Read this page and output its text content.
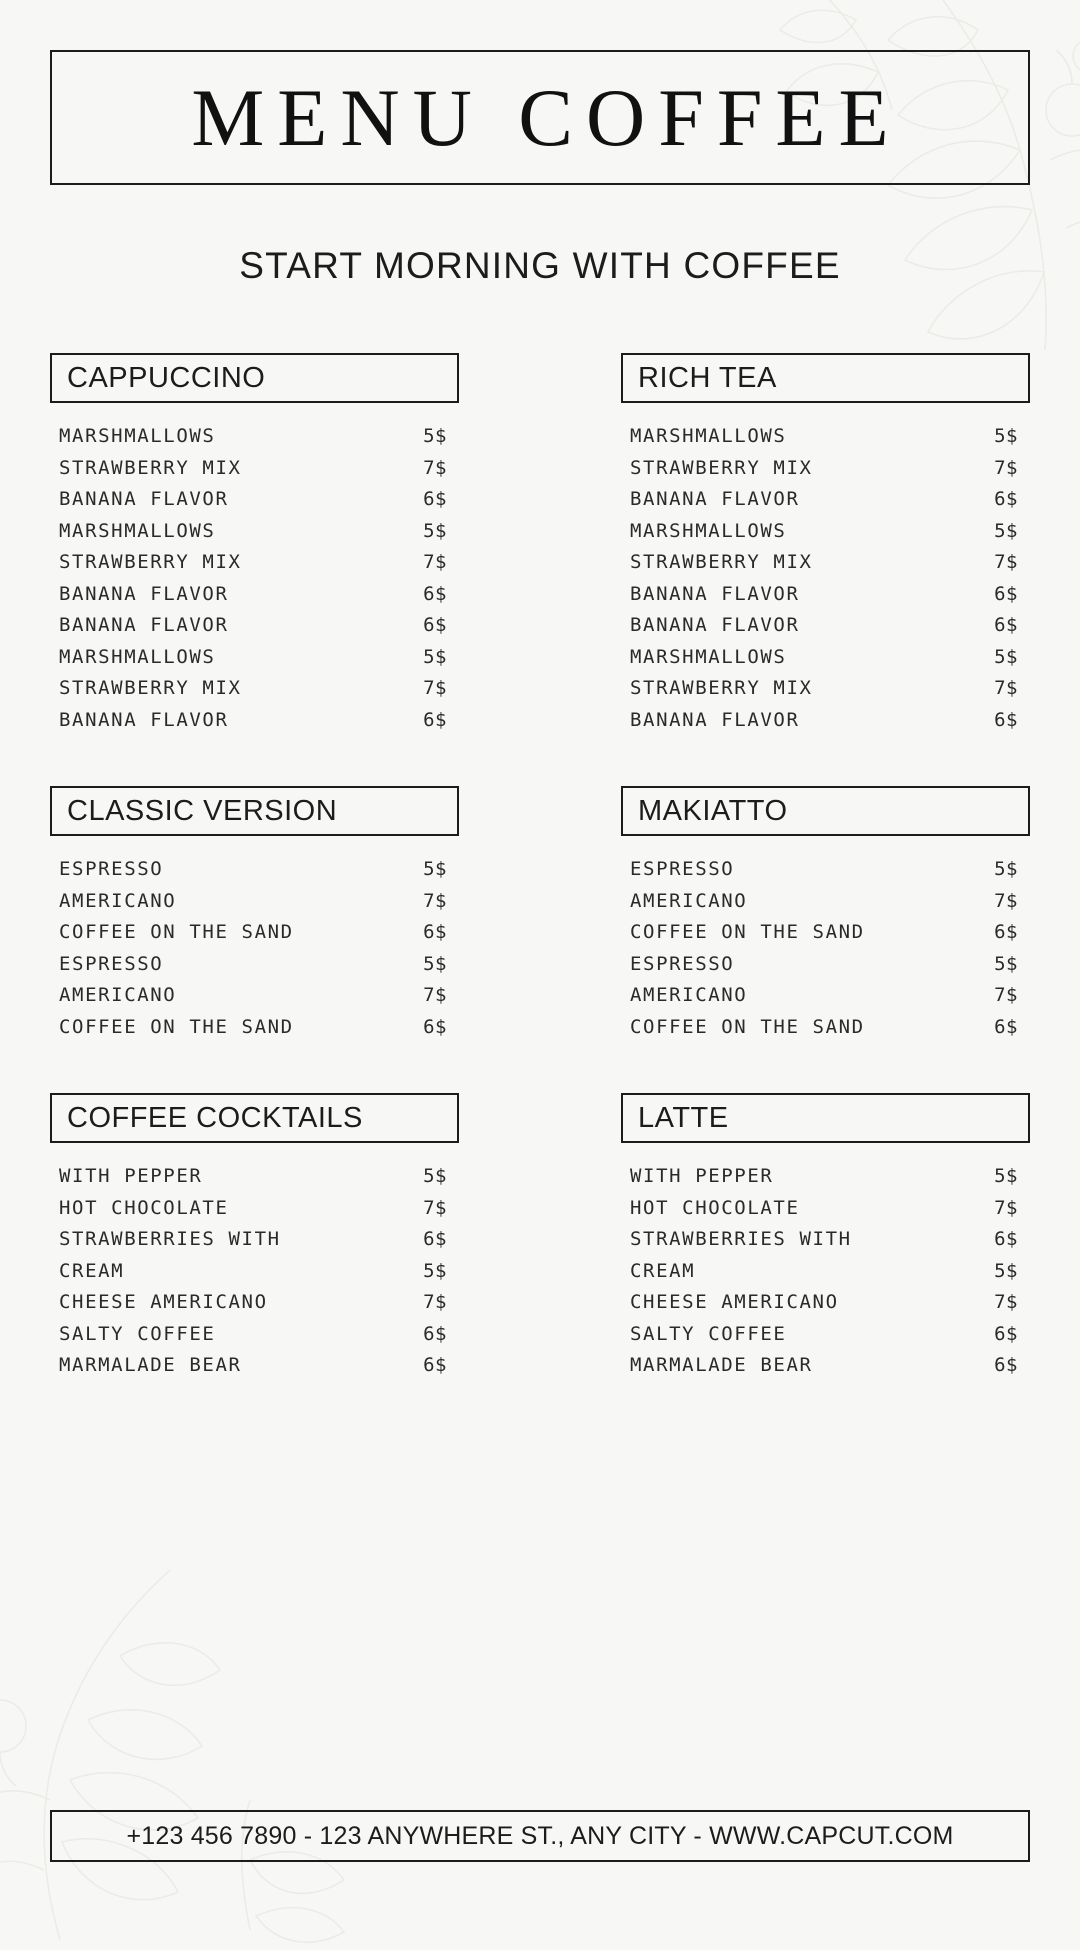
MENU COFFEE
START MORNING WITH COFFEE
CAPPUCCINO
MARSHMALLOWS	5$
STRAWBERRY MIX	7$
BANANA FLAVOR	6$
MARSHMALLOWS	5$
STRAWBERRY MIX	7$
BANANA FLAVOR	6$
BANANA FLAVOR	6$
MARSHMALLOWS	5$
STRAWBERRY MIX	7$
BANANA FLAVOR	6$
RICH TEA
MARSHMALLOWS	5$
STRAWBERRY MIX	7$
BANANA FLAVOR	6$
MARSHMALLOWS	5$
STRAWBERRY MIX	7$
BANANA FLAVOR	6$
BANANA FLAVOR	6$
MARSHMALLOWS	5$
STRAWBERRY MIX	7$
BANANA FLAVOR	6$
CLASSIC VERSION
ESPRESSO	5$
AMERICANO	7$
COFFEE ON THE SAND	6$
ESPRESSO	5$
AMERICANO	7$
COFFEE ON THE SAND	6$
MAKIATTO
ESPRESSO	5$
AMERICANO	7$
COFFEE ON THE SAND	6$
ESPRESSO	5$
AMERICANO	7$
COFFEE ON THE SAND	6$
COFFEE COCKTAILS
WITH PEPPER	5$
HOT CHOCOLATE	7$
STRAWBERRIES WITH	6$
CREAM	5$
CHEESE AMERICANO	7$
SALTY COFFEE	6$
MARMALADE BEAR	6$
LATTE
WITH PEPPER	5$
HOT CHOCOLATE	7$
STRAWBERRIES WITH	6$
CREAM	5$
CHEESE AMERICANO	7$
SALTY COFFEE	6$
MARMALADE BEAR	6$
+123 456 7890 - 123 ANYWHERE ST., ANY CITY - WWW.CAPCUT.COM
